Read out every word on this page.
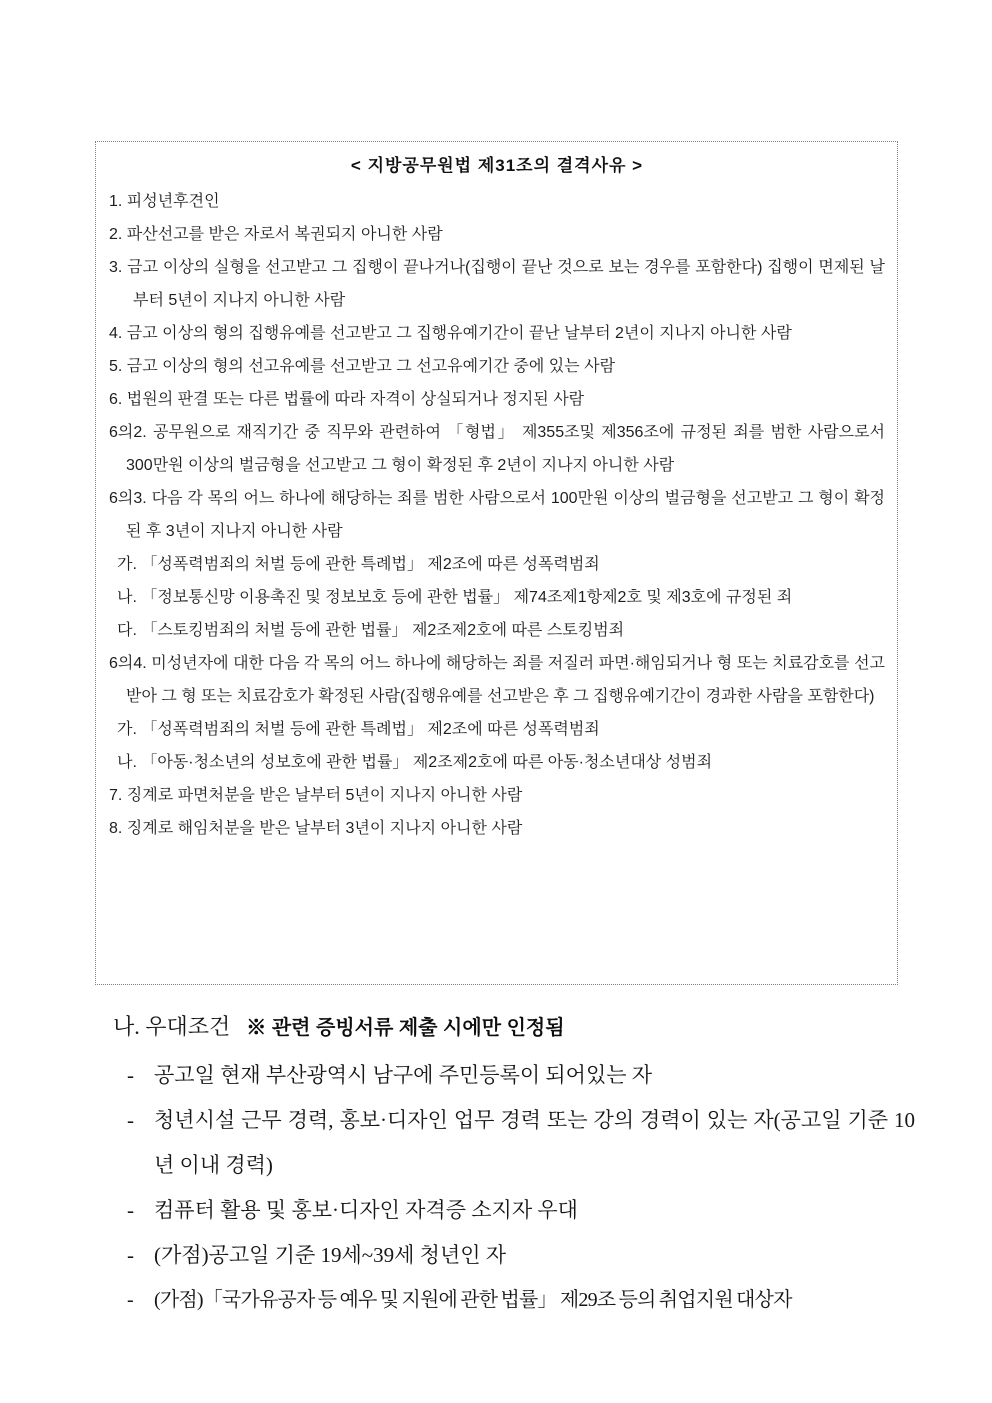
< 지방공무원법 제31조의 결격사유 >

1. 피성년후견인

2. 파산선고를 받은 자로서 복권되지 아니한 사람

3. 금고 이상의 실형을 선고받고 그 집행이 끝나거나(집행이 끝난 것으로 보는 경우를 포함한다) 집행이 면제된 날부터 5년이 지나지 아니한 사람

4. 금고 이상의 형의 집행유예를 선고받고 그 집행유예기간이 끝난 날부터 2년이 지나지 아니한 사람

5. 금고 이상의 형의 선고유예를 선고받고 그 선고유예기간 중에 있는 사람

6. 법원의 판결 또는 다른 법률에 따라 자격이 상실되거나 정지된 사람

6의2. 공무원으로 재직기간 중 직무와 관련하여 「형법」 제355조및 제356조에 규정된 죄를 범한 사람으로서 300만원 이상의 벌금형을 선고받고 그 형이 확정된 후 2년이 지나지 아니한 사람

6의3. 다음 각 목의 어느 하나에 해당하는 죄를 범한 사람으로서 100만원 이상의 벌금형을 선고받고 그 형이 확정된 후 3년이 지나지 아니한 사람

가. 「성폭력범죄의 처벌 등에 관한 특례법」 제2조에 따른 성폭력범죄

나. 「정보통신망 이용촉진 및 정보보호 등에 관한 법률」 제74조제1항제2호 및 제3호에 규정된 죄

다. 「스토킹범죄의 처벌 등에 관한 법률」 제2조제2호에 따른 스토킹범죄

6의4. 미성년자에 대한 다음 각 목의 어느 하나에 해당하는 죄를 저질러 파면·해임되거나 형 또는 치료감호를 선고받아 그 형 또는 치료감호가 확정된 사람(집행유예를 선고받은 후 그 집행유예기간이 경과한 사람을 포함한다)

가. 「성폭력범죄의 처벌 등에 관한 특례법」 제2조에 따른 성폭력범죄

나. 「아동·청소년의 성보호에 관한 법률」 제2조제2호에 따른 아동·청소년대상 성범죄

7. 징계로 파면처분을 받은 날부터 5년이 지나지 아니한 사람

8. 징계로 해임처분을 받은 날부터 3년이 지나지 아니한 사람

나. 우대조건 ※ 관련 증빙서류 제출 시에만 인정됨
- 공고일 현재 부산광역시 남구에 주민등록이 되어있는 자
- 청년시설 근무 경력, 홍보·디자인 업무 경력 또는 강의 경력이 있는 자(공고일 기준 10년 이내 경력)
- 컴퓨터 활용 및 홍보·디자인 자격증 소지자 우대
- (가점)공고일 기준 19세~39세 청년인 자
-	(가점)「국가유공자 등 예우 및 지원에 관한 법률」 제29조 등의 취업지원 대상자
